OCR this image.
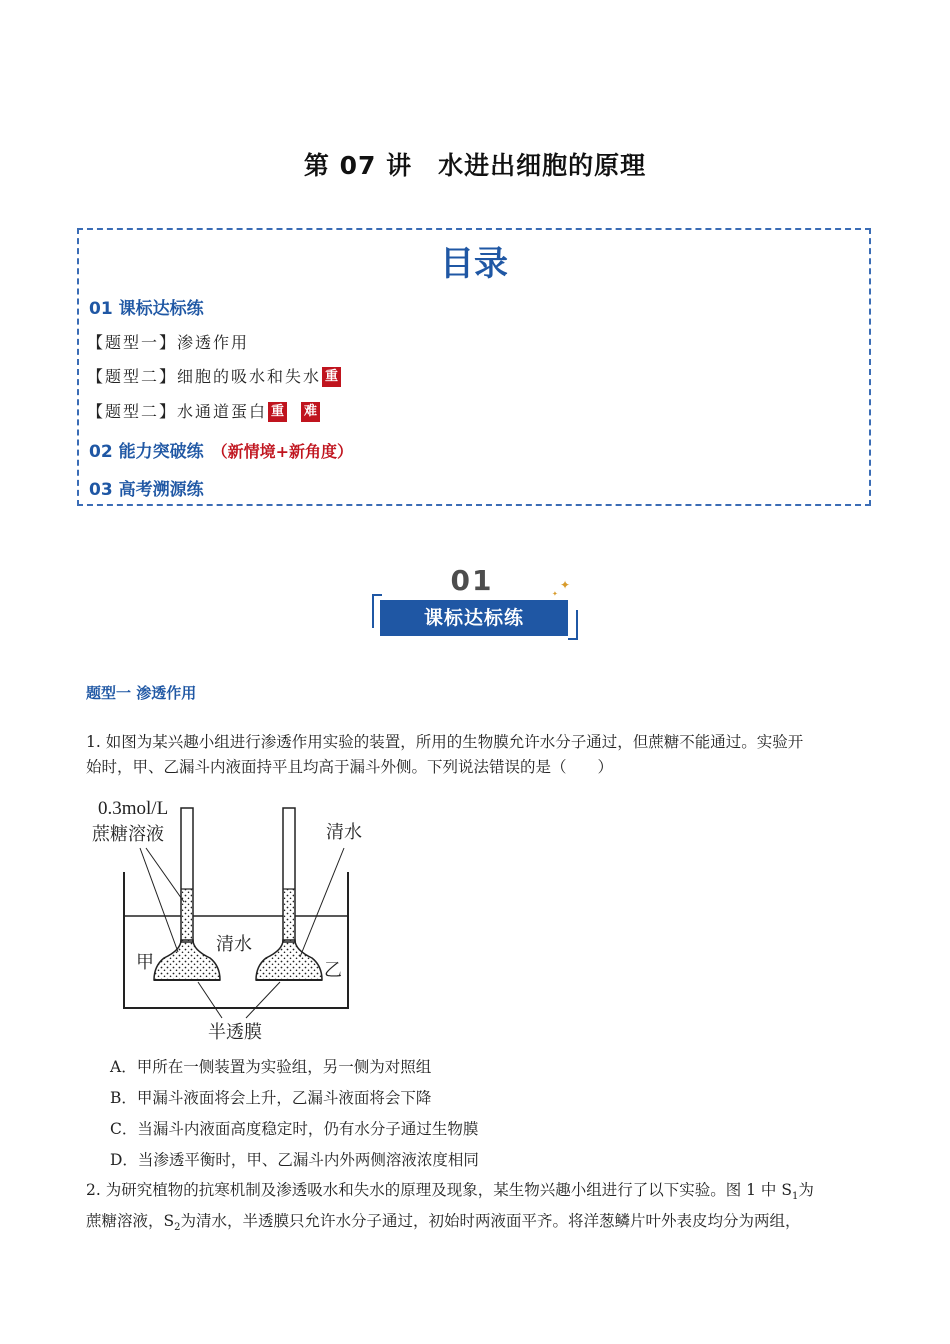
第 07 讲　水进出细胞的原理
目录
01 课标达标练
【题型一】渗透作用
【题型二】细胞的吸水和失水 重
【题型二】水通道蛋白 重 难
02 能力突破练 （新情境+新角度）
03 高考溯源练
01
课标达标练
✦
✦
题型一 渗透作用
1. 如图为某兴趣小组进行渗透作用实验的装置，所用的生物膜允许水分子通过，但蔗糖不能通过。实验开
始时，甲、乙漏斗内液面持平且均高于漏斗外侧。下列说法错误的是（　　）
0.3mol/L
蔗糖溶液	清水
清水
甲	乙
半透膜
A．甲所在一侧装置为实验组，另一侧为对照组
B．甲漏斗液面将会上升，乙漏斗液面将会下降
C．当漏斗内液面高度稳定时，仍有水分子通过生物膜
D．当渗透平衡时，甲、乙漏斗内外两侧溶液浓度相同
2. 为研究植物的抗寒机制及渗透吸水和失水的原理及现象，某生物兴趣小组进行了以下实验。图 1 中 $S_1$为
蔗糖溶液，$S_2$为清水，半透膜只允许水分子通过，初始时两液面平齐。将洋葱鳞片叶外表皮均分为两组，
